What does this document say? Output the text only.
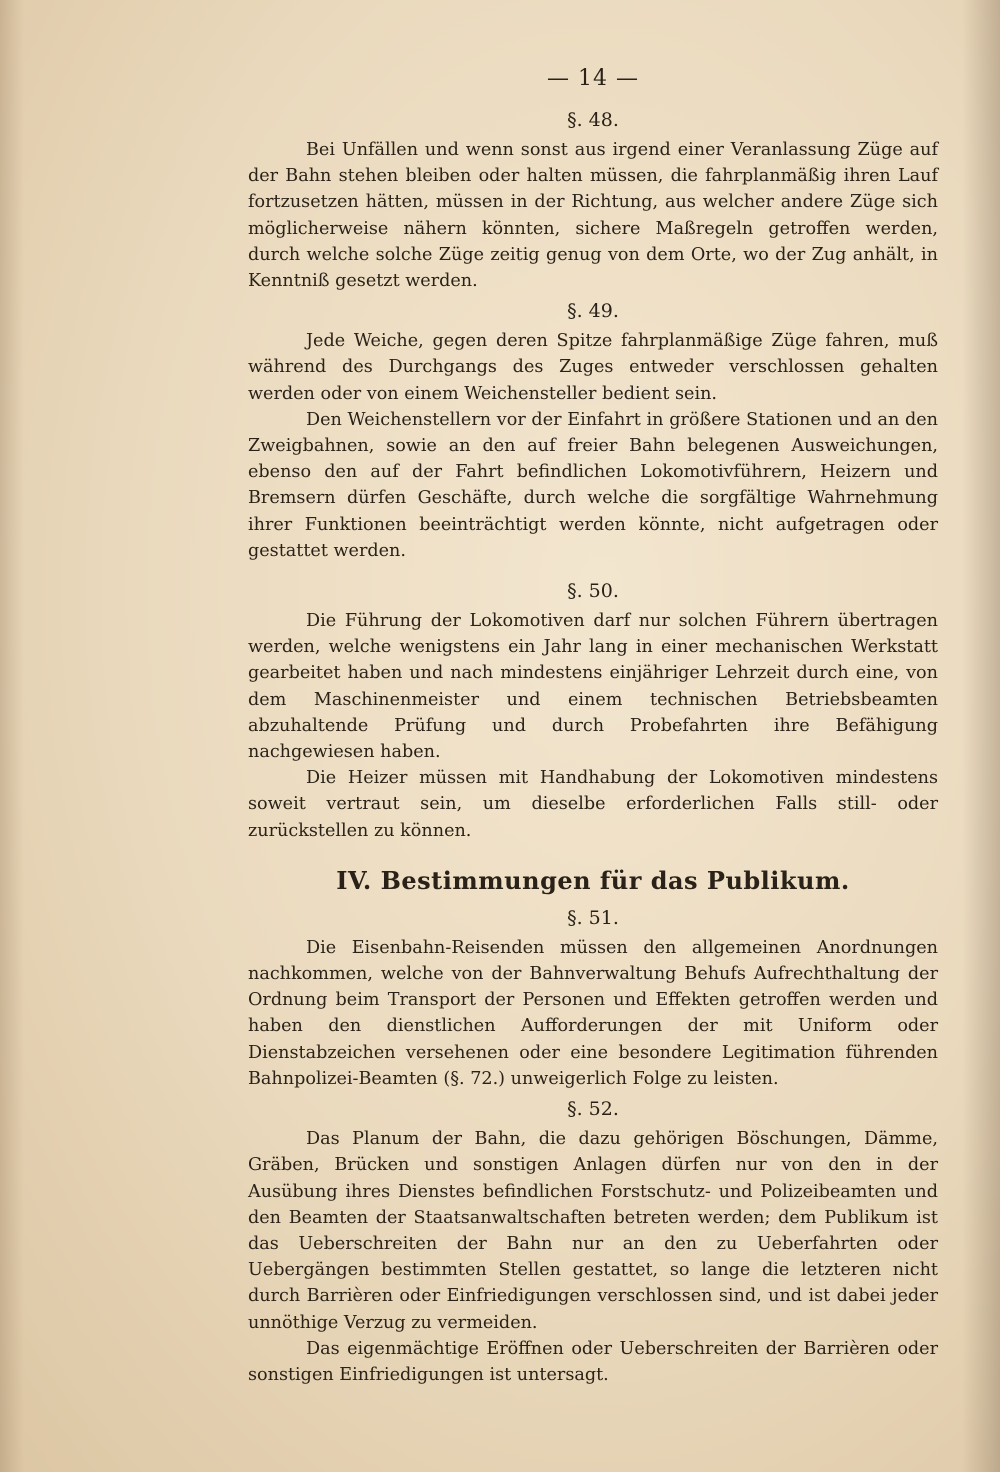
— 14 —
§. 48.

Bei Unfällen und wenn sonst aus irgend einer Veranlassung Züge auf der Bahn stehen bleiben oder halten müssen, die fahrplanmäßig ihren Lauf fortzusetzen hätten, müssen in der Richtung, aus welcher andere Züge sich möglicherweise nähern könnten, sichere Maßregeln getroffen werden, durch welche solche Züge zeitig genug von dem Orte, wo der Zug anhält, in Kenntniß gesetzt werden.

§. 49.

Jede Weiche, gegen deren Spitze fahrplanmäßige Züge fahren, muß während des Durchgangs des Zuges entweder verschlossen gehalten werden oder von einem Weichensteller bedient sein.

Den Weichenstellern vor der Einfahrt in größere Stationen und an den Zweigbahnen, sowie an den auf freier Bahn belegenen Ausweichungen, ebenso den auf der Fahrt befindlichen Lokomotivführern, Heizern und Bremsern dürfen Geschäfte, durch welche die sorgfältige Wahrnehmung ihrer Funktionen beeinträchtigt werden könnte, nicht aufgetragen oder gestattet werden.

§. 50.

Die Führung der Lokomotiven darf nur solchen Führern übertragen werden, welche wenigstens ein Jahr lang in einer mechanischen Werkstatt gearbeitet haben und nach mindestens einjähriger Lehrzeit durch eine, von dem Maschinenmeister und einem technischen Betriebsbeamten abzuhaltende Prüfung und durch Probefahrten ihre Befähigung nachgewiesen haben.

Die Heizer müssen mit Handhabung der Lokomotiven mindestens soweit vertraut sein, um dieselbe erforderlichen Falls still- oder zurückstellen zu können.

IV. Bestimmungen für das Publikum.
§. 51.

Die Eisenbahn-Reisenden müssen den allgemeinen Anordnungen nachkommen, welche von der Bahnverwaltung Behufs Aufrechthaltung der Ordnung beim Transport der Personen und Effekten getroffen werden und haben den dienstlichen Aufforderungen der mit Uniform oder Dienstabzeichen versehenen oder eine besondere Legitimation führenden Bahnpolizei-Beamten (§. 72.) unweigerlich Folge zu leisten.

§. 52.

Das Planum der Bahn, die dazu gehörigen Böschungen, Dämme, Gräben, Brücken und sonstigen Anlagen dürfen nur von den in der Ausübung ihres Dienstes befindlichen Forstschutz- und Polizeibeamten und den Beamten der Staatsanwaltschaften betreten werden; dem Publikum ist das Ueberschreiten der Bahn nur an den zu Ueberfahrten oder Uebergängen bestimmten Stellen gestattet, so lange die letzteren nicht durch Barrièren oder Einfriedigungen verschlossen sind, und ist dabei jeder unnöthige Verzug zu vermeiden.

Das eigenmächtige Eröffnen oder Ueberschreiten der Barrièren oder sonstigen Einfriedigungen ist untersagt.
